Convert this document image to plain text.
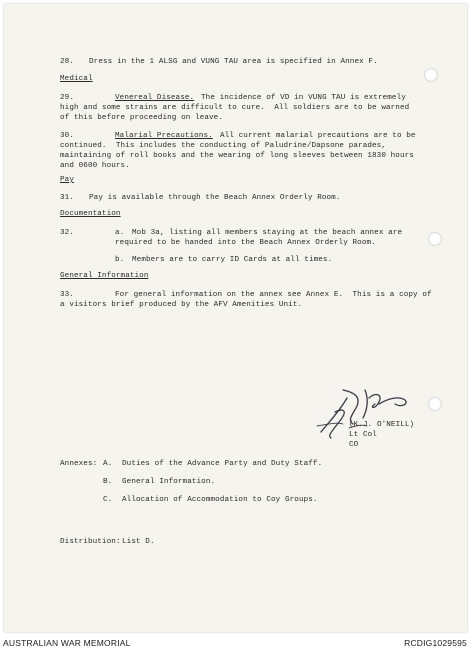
28. Dress in the 1 ALSG and VUNG TAU area is specified in Annex F.
Medical
29.	Venereal Disease. The incidence of VD in VUNG TAU is extremely
high and some strains are difficult to cure.  All soldiers are to be warned
of this before proceeding on leave.
30.	Malarial Precautions. All current malarial precautions are to be
continued.  This includes the conducting of Paludrine/Dapsone parades,
maintaining of roll books and the wearing of long sleeves between 1830 hours
and 0600 hours.
Pay
31. Pay is available through the Beach Annex Orderly Room.
Documentation
32.	a. Mob 3a, listing all members staying at the beach annex are
required to be handed into the Beach Annex Orderly Room.
b. Members are to carry ID Cards at all times.
General Information
33.	For general information on the annex see Annex E.  This is a copy of
a visitors brief produced by the AFV Amenities Unit.
(K.J. O'NEILL)
Lt Col
CO
Annexes: A. Duties of the Advance Party and Duty Staff.
B. General Information.
C. Allocation of Accommodation to Coy Groups.
Distribution: List D.
AUSTRALIAN WAR MEMORIAL	RCDIG1029595
